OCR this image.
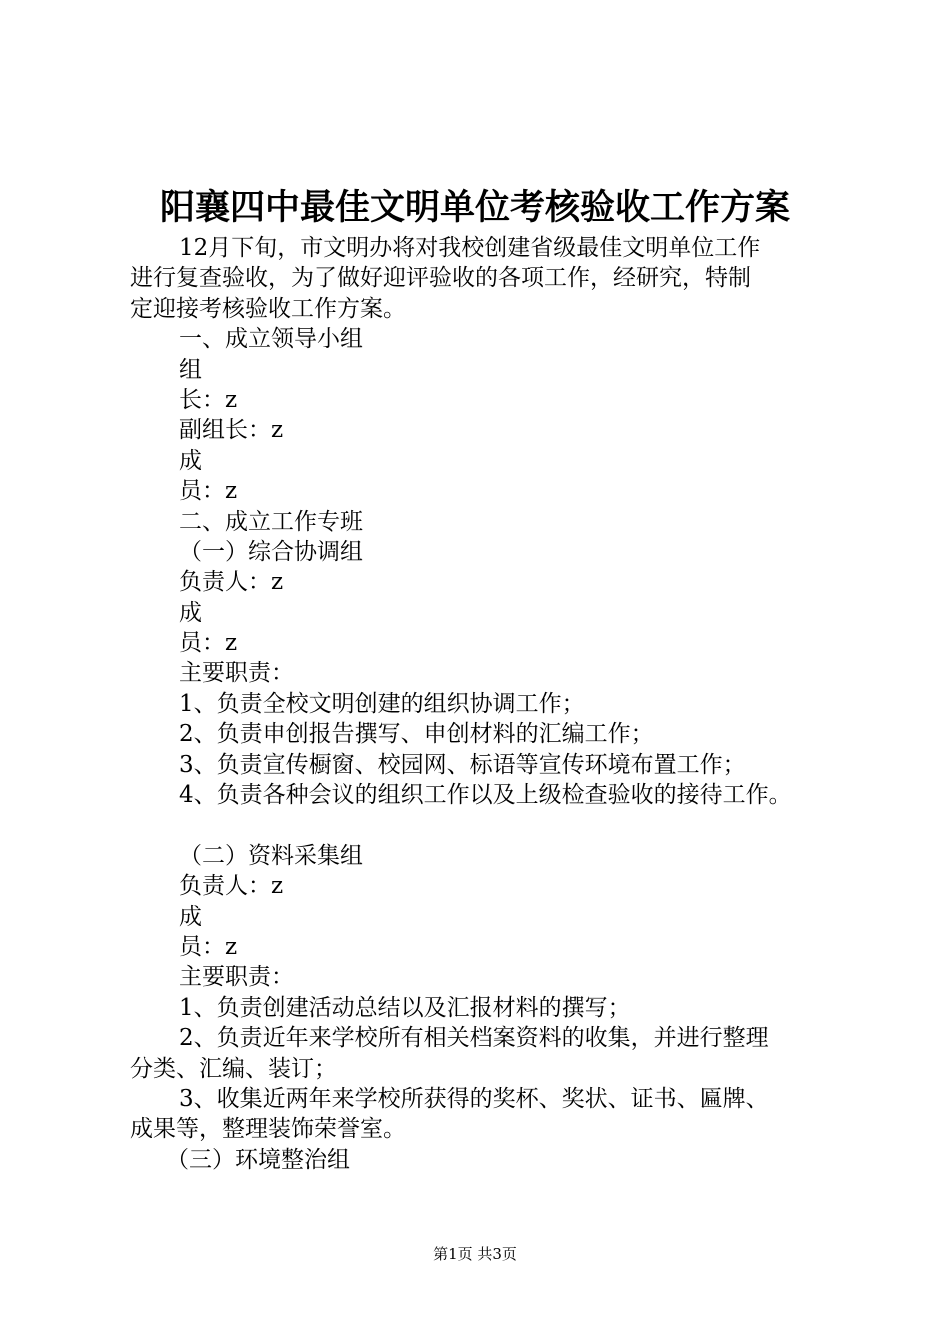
阳襄四中最佳文明单位考核验收工作方案
12月下旬，市文明办将对我校创建省级最佳文明单位工作
进行复查验收，为了做好迎评验收的各项工作，经研究，特制
定迎接考核验收工作方案。
一、成立领导小组
组
长：z
副组长：z
成
员：z
二、成立工作专班
（一）综合协调组
负责人：z
成
员：z
主要职责：
1、负责全校文明创建的组织协调工作；
2、负责申创报告撰写、申创材料的汇编工作；
3、负责宣传橱窗、校园网、标语等宣传环境布置工作；
4、负责各种会议的组织工作以及上级检查验收的接待工作。
（二）资料采集组
负责人：z
成
员：z
主要职责：
1、负责创建活动总结以及汇报材料的撰写；
2、负责近年来学校所有相关档案资料的收集，并进行整理
分类、汇编、装订；
3、收集近两年来学校所获得的奖杯、奖状、证书、匾牌、
成果等，整理装饰荣誉室。
（三）环境整治组
第1页 共3页
